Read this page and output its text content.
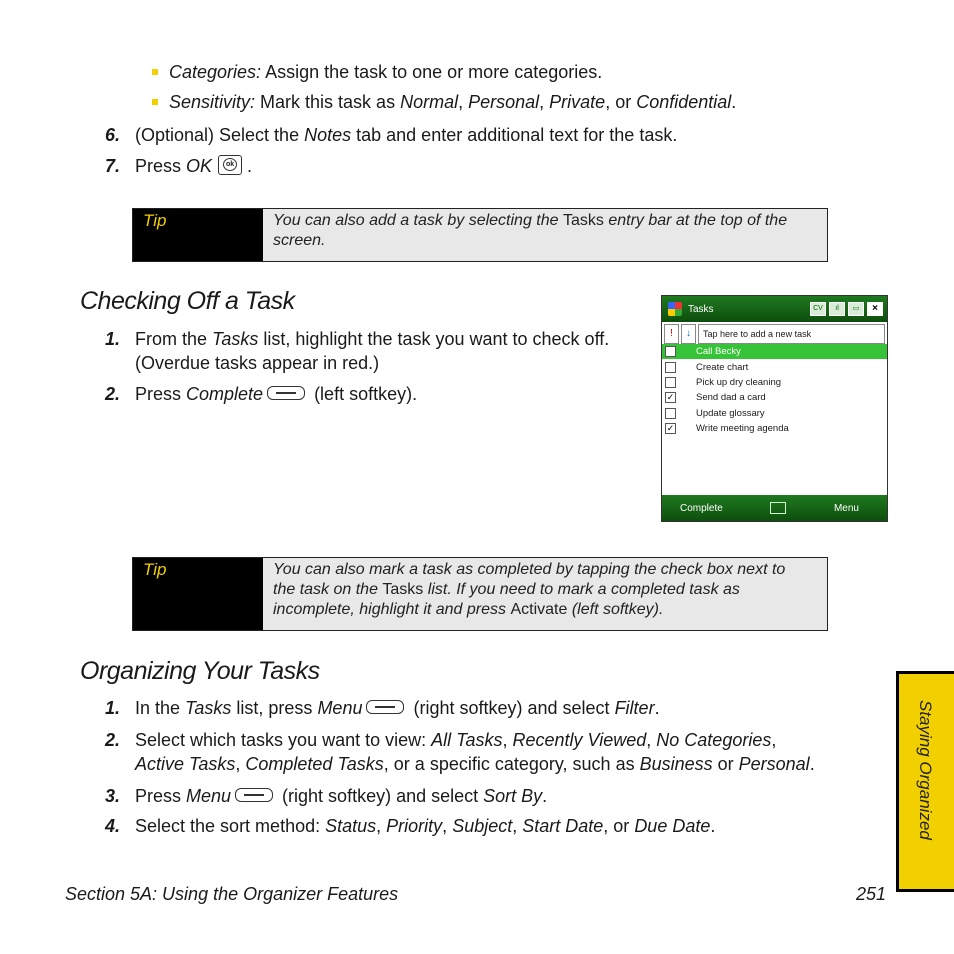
Categories: Assign the task to one or more categories.
Sensitivity: Mark this task as Normal, Personal, Private, or Confidential.
6. (Optional) Select the Notes tab and enter additional text for the task.
7. Press OK	ok .
Tip	You can also add a task by selecting the Tasks entry bar at the top of the
screen.
Checking Off a Task
1. From the Tasks list, highlight the task you want to check off.
(Overdue tasks appear in red.)
2. Press Complete	(left softkey).
Tasks	CV	ıl	▭	×
!	↓	Tap here to add a new task
Call Becky
Create chart
Pick up dry cleaning
✓ Send dad a card
Update glossary
✓ Write meeting agenda
Complete	Menu
Tip	You can also mark a task as completed by tapping the check box next to
the task on the Tasks list. If you need to mark a completed task as
incomplete, highlight it and press Activate (left softkey).
Organizing Your Tasks
1. In the Tasks list, press Menu	(right softkey) and select Filter.
2. Select which tasks you want to view: All Tasks, Recently Viewed, No Categories,
Active Tasks, Completed Tasks, or a specific category, such as Business or Personal.
3. Press Menu	(right softkey) and select Sort By.
4. Select the sort method: Status, Priority, Subject, Start Date, or Due Date.	Staying Organized
Section 5A: Using the Organizer Features	251
